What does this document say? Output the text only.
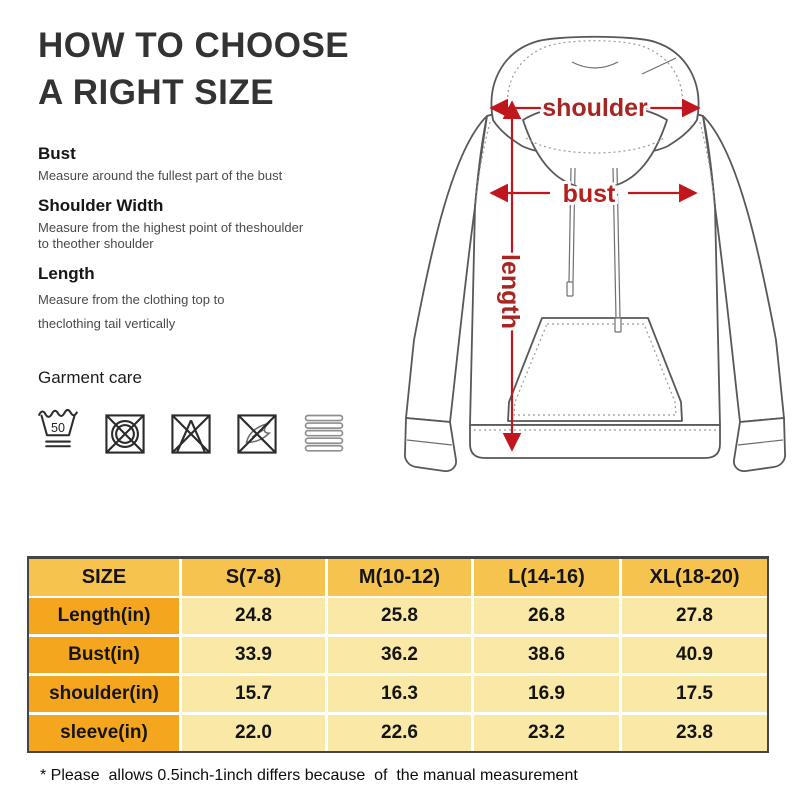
HOW TO CHOOSE
A RIGHT SIZE
Bust

Measure around the fullest part of the bust

Shoulder Width

Measure from the highest point of theshoulder
to theother shoulder

Length

Measure from the clothing top to

theclothing tail vertically

Garment care
50
shoulder
bust
length
SIZE	S(7-8)	M(10-12)	L(14-16)	XL(18-20)
Length(in)	24.8	25.8	26.8	27.8
Bust(in)	33.9	36.2	38.6	40.9
shoulder(in)	15.7	16.3	16.9	17.5
sleeve(in)	22.0	22.6	23.2	23.8
* Please  allows 0.5inch-1inch differs because  of  the manual measurement
